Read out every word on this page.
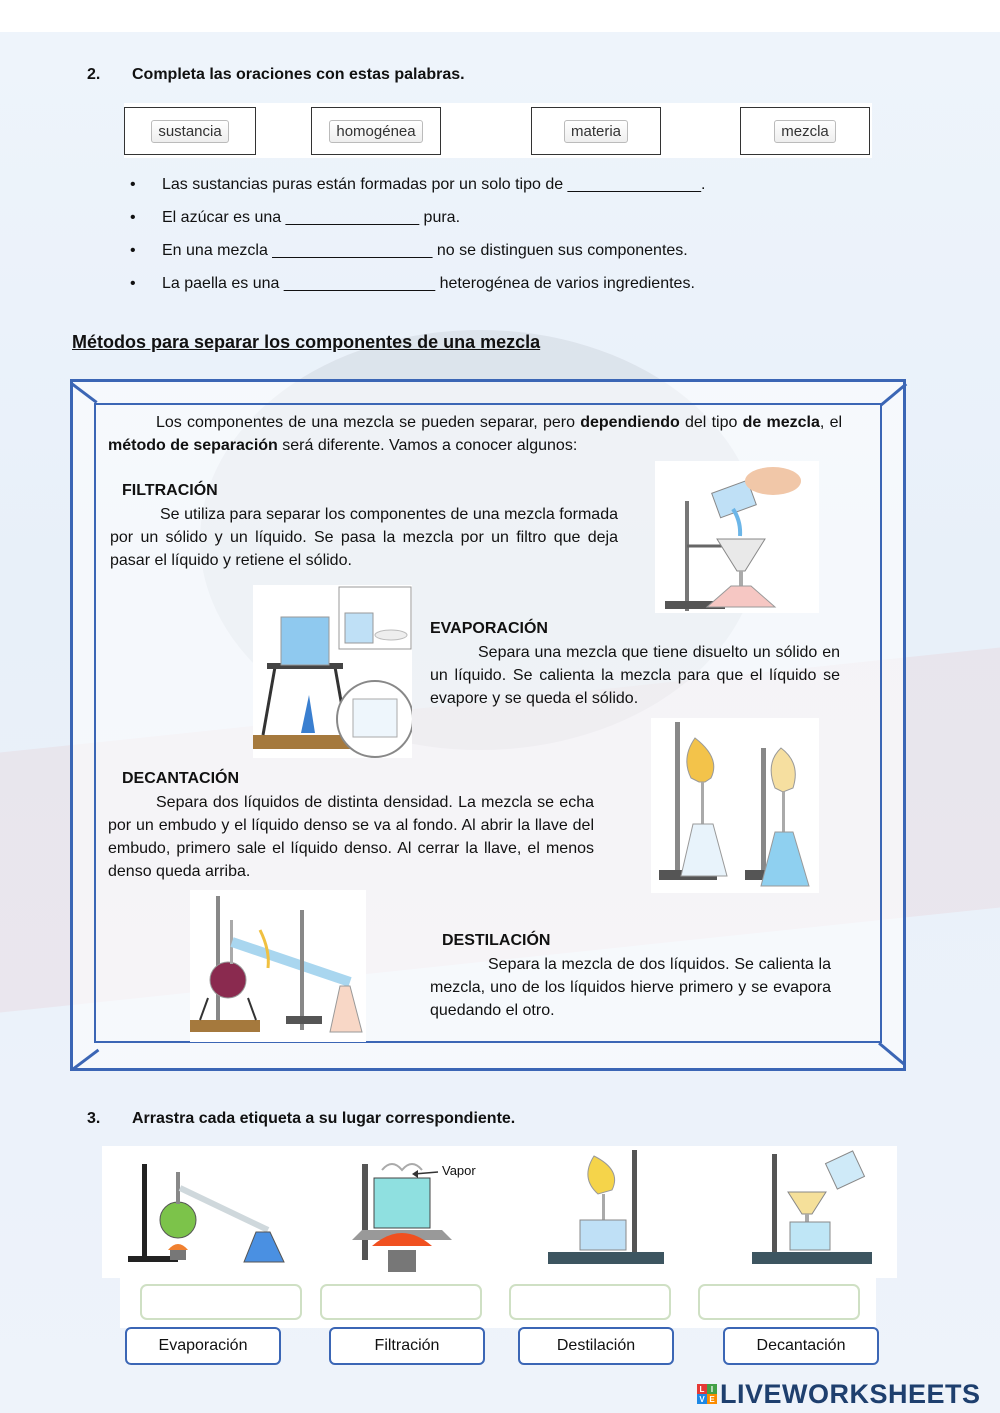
2. Completa las oraciones con estas palabras.
sustancia	homogénea	materia	mezcla
• Las sustancias puras están formadas por un solo tipo de _______________.
• El azúcar es una _______________ pura.
• En una mezcla __________________ no se distinguen sus componentes.
• La paella es una _________________ heterogénea de varios ingredientes.
Métodos para separar los componentes de una mezcla
Los componentes de una mezcla se pueden separar, pero dependiendo del tipo de mezcla, el método de separación será diferente. Vamos a conocer algunos:
FILTRACIÓN
Se utiliza para separar los componentes de una mezcla formada por un sólido y un líquido. Se pasa la mezcla por un filtro que deja pasar el líquido y retiene el sólido.
EVAPORACIÓN
Separa una mezcla que tiene disuelto un sólido en un líquido. Se calienta la mezcla para que el líquido se evapore y se queda el sólido.
DECANTACIÓN
Separa dos líquidos de distinta densidad. La mezcla se echa por un embudo y el líquido denso se va al fondo. Al abrir la llave del embudo, primero sale el líquido denso. Al cerrar la llave, el menos denso queda arriba.
DESTILACIÓN
Separa la mezcla de dos líquidos. Se calienta la mezcla, uno de los líquidos hierve primero y se evapora quedando el otro.
3. Arrastra cada etiqueta a su lugar correspondiente.
Vapor
Evaporación	Filtración	Destilación	Decantación
L I
V E LIVEWORKSHEETS
